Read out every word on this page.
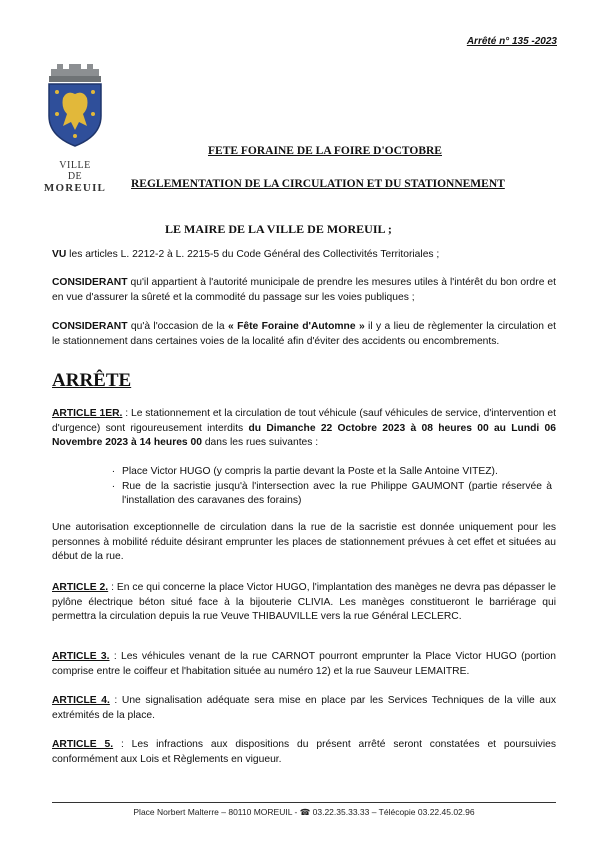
Arrêté n° 135 -2023
VILLE
DE
MOREUIL
FETE FORAINE DE LA FOIRE D'OCTOBRE
REGLEMENTATION DE LA CIRCULATION ET DU STATIONNEMENT
LE MAIRE DE LA VILLE DE MOREUIL ;
VU les articles L. 2212-2 à L. 2215-5 du Code Général des Collectivités Territoriales ;
CONSIDERANT qu'il appartient à l'autorité municipale de prendre les mesures utiles à l'intérêt du bon ordre et en vue d'assurer la sûreté et la commodité du passage sur les voies publiques ;
CONSIDERANT qu'à l'occasion de la « Fête Foraine d'Automne » il y a lieu de règlementer la circulation et le stationnement dans certaines voies de la localité afin d'éviter des accidents ou encombrements.
ARRÊTE
ARTICLE 1ER. : Le stationnement et la circulation de tout véhicule (sauf véhicules de service, d'intervention et d'urgence) sont rigoureusement interdits du Dimanche 22 Octobre 2023 à 08 heures 00 au Lundi 06 Novembre 2023 à 14 heures 00 dans les rues suivantes :
. Place Victor HUGO (y compris la partie devant la Poste et la Salle Antoine VITEZ).
. Rue de la sacristie jusqu'à l'intersection avec la rue Philippe GAUMONT (partie réservée à l'installation des caravanes des forains)
Une autorisation exceptionnelle de circulation dans la rue de la sacristie est donnée uniquement pour les personnes à mobilité réduite désirant emprunter les places de stationnement prévues à cet effet et situées au début de la rue.
ARTICLE 2. : En ce qui concerne la place Victor HUGO, l'implantation des manèges ne devra pas dépasser le pylône électrique béton situé face à la bijouterie CLIVIA. Les manèges constitueront le barriérage qui permettra la circulation depuis la rue Veuve THIBAUVILLE vers la rue Général LECLERC.
ARTICLE 3. : Les véhicules venant de la rue CARNOT pourront emprunter la Place Victor HUGO (portion comprise entre le coiffeur et l'habitation située au numéro 12) et la rue Sauveur LEMAITRE.
ARTICLE 4. : Une signalisation adéquate sera mise en place par les Services Techniques de la ville aux extrémités de la place.
ARTICLE 5. : Les infractions aux dispositions du présent arrêté seront constatées et poursuivies conformément aux Lois et Règlements en vigueur.
Place Norbert Malterre – 80110 MOREUIL - ☎ 03.22.35.33.33 – Télécopie 03.22.45.02.96
